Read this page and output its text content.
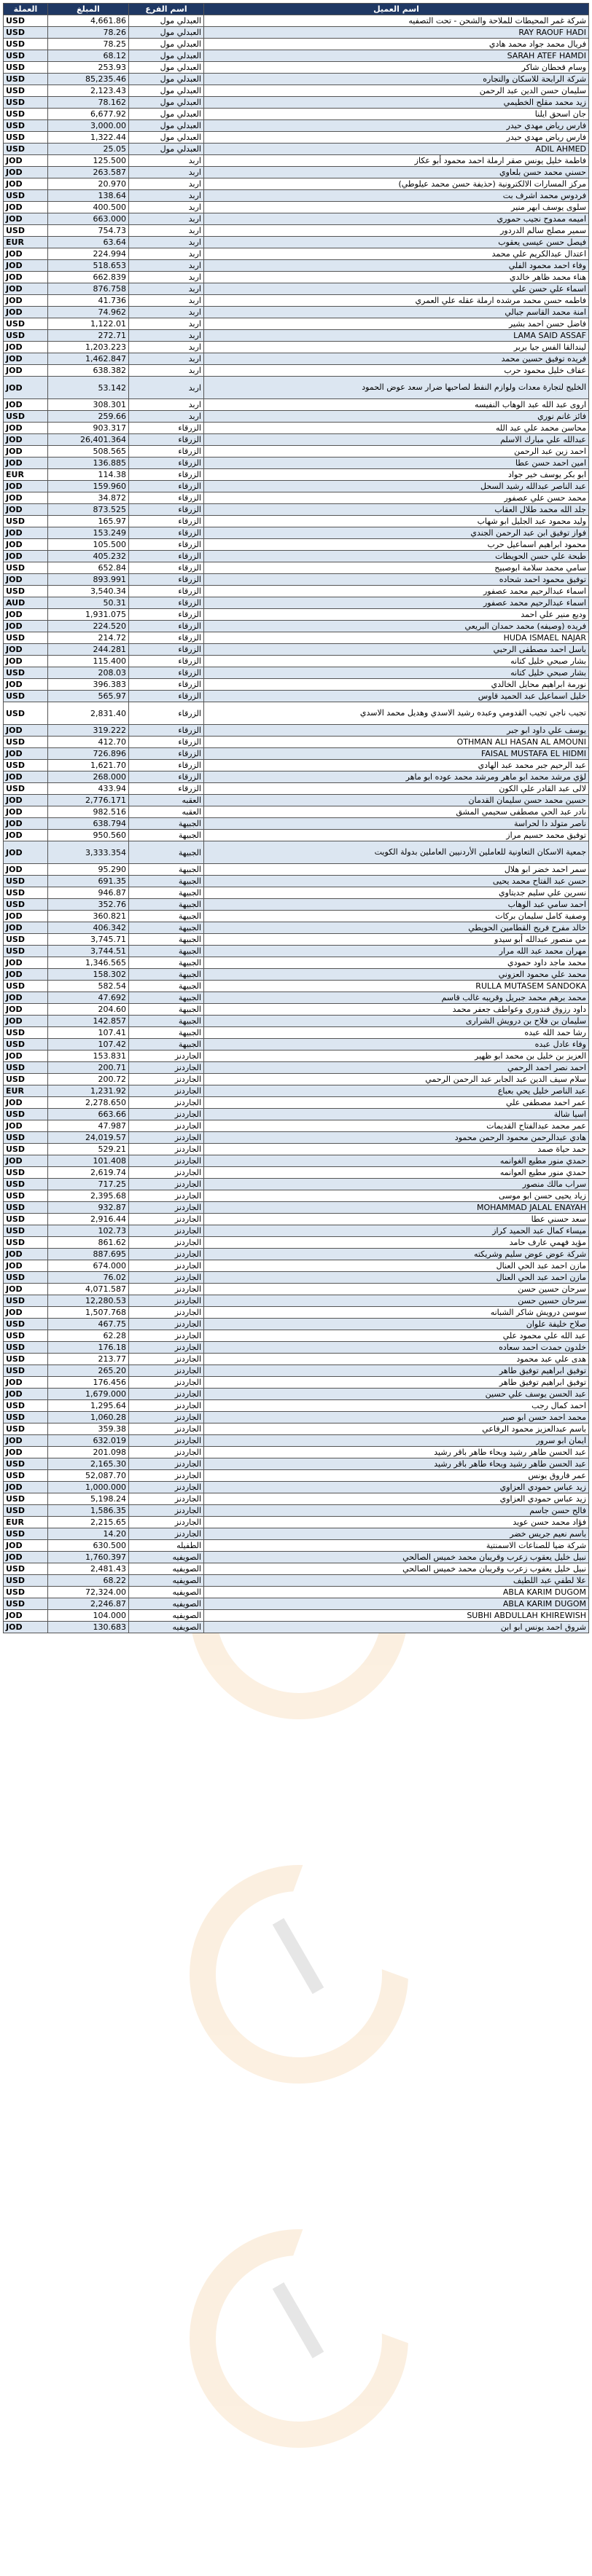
العملة	المبلغ	اسم الفرع	اسم العميل
USD	4,661.86	العبدلي مول	شركة غمر المحيطات للملاحة والشحن - تحت التصفيه
USD	78.26	العبدلي مول	RAY RAOUF HADI
USD	78.25	العبدلي مول	فريال محمد جواد محمد هادي
USD	68.12	العبدلي مول	SARAH ATEF HAMDI
USD	253.93	العبدلي مول	وسام قحطان شاكر
USD	85,235.46	العبدلي مول	شركة الرابحة للاسكان والتجاره
USD	2,123.43	العبدلي مول	سليمان حسن الدين عبد الرحمن
USD	78.162	العبدلي مول	زيد محمد مقلح الخطيمي
USD	6,677.92	العبدلي مول	جان اسحق ايلنا
USD	3,000.00	العبدلي مول	فارس رياض مهدي حيدر
USD	1,322.44	العبدلي مول	فارس رياض مهدي حيدر
USD	25.05	العبدلي مول	ADIL AHMED
JOD	125.500	اربد	فاطمة خليل يونس صقر ارملة احمد محمود أبو عكاز
JOD	263.587	اربد	حسني محمد حسن بلعاوي
JOD	20.970	اربد	مركز المسارات الالكترونية (حذيفة حسن محمد عيلوطي)
USD	138.64	اربد	فردوس محمد اشرف بت
JOD	400.500	اربد	سلوى يوسف ابهر منير
JOD	663.000	اربد	اميمه ممدوح نجيب حموري
USD	754.73	اربد	سمير مصلح سالم الدردور
EUR	63.64	اربد	فيصل حسن عيسى يعقوب
JOD	224.994	اربد	اعتدال عبدالكريم علي محمد
JOD	518.653	اربد	وفاء احمد محمود الفلي
JOD	662.839	اربد	هناء محمد ظاهر خالدي
JOD	876.758	اربد	اسماء علي حسن علي
JOD	41.736	اربد	فاطمه حسن محمد مرشده ارملة عقله علي العمري
JOD	74.962	اربد	امنة محمد القاسم جبالي
USD	1,122.01	اربد	فاضل حسن احمد بشير
USD	272.71	اربد	LAMA SAID ASSAF
JOD	1,203.223	اربد	ليندالقا الفس جيا بربر
JOD	1,462.847	اربد	فريده توفيق حسين محمد
JOD	638.382	اربد	عفاف خليل محمود حرب
JOD	53.142	اربد	الخليج لتجارة معدات ولوازم النفط لصاحبها ضرار سعد عوض الحمود
JOD	308.301	اربد	اروى عبد الله عبد الوهاب النفيسه
USD	259.66	اربد	فائز غانم نوري
JOD	903.317	الزرقاء	محاسن محمد علي عبد الله
JOD	26,401.364	الزرقاء	عبدالله علي مبارك الاسلم
JOD	508.565	الزرقاء	احمد زين عبد الرحمن
JOD	136.885	الزرقاء	امين احمد حسن عطا
EUR	114.38	الزرقاء	ابو بكر يوسف خير جواد
JOD	159.960	الزرقاء	عبد الناصر عبدالله رشيد السحل
JOD	34.872	الزرقاء	محمد حسن علي عصفور
JOD	873.525	الزرقاء	جلد الله محمد طلال العقاب
USD	165.97	الزرقاء	وليد محمود عبد الجليل ابو شهاب
JOD	153.249	الزرقاء	فواز توفيق ابن عبد الرحمن الجندي
JOD	105.500	الزرقاء	محمود ابراهيم اسماعيل حرب
JOD	405.232	الزرقاء	طبحة علي حسن الحويطات
USD	652.84	الزرقاء	سامي محمد سلامة ابوصبيح
JOD	893.991	الزرقاء	توفيق محمود احمد شحاده
USD	3,540.34	الزرقاء	اسماء عبدالرحيم محمد عصفور
AUD	50.31	الزرقاء	اسماء عبدالرحيم محمد عصفور
JOD	1,931.075	الزرقاء	وديع منير علي احمد
JOD	224.520	الزرقاء	فريده (وصيفه) محمد حمدان البريعي
USD	214.72	الزرقاء	HUDA ISMAEL NAJAR
JOD	244.281	الزرقاء	باسل احمد مصطفى الرحبي
JOD	115.400	الزرقاء	بشار صبحي خليل كتانه
USD	208.03	الزرقاء	بشار صبحي خليل كتانه
JOD	396.383	الزرقاء	نورمة ابراهيم محايل الخالدي
USD	565.97	الزرقاء	خليل اسماعيل عبد الحميد قاوس
USD	2,831.40	الزرقاء	تجيب ناجي تجيب القدومي وعبده رشيد الاسدي وهديل محمد الاسدي
JOD	319.222	الزرقاء	يوسف علي داود ابو جبر
USD	412.70	الزرقاء	OTHMAN ALI HASAN AL AMOUNI
JOD	726.896	الزرقاء	FAISAL MUSTAFA EL HIDMI
USD	1,621.70	الزرقاء	عبد الرحيم جبر محمد عبد الهادي
JOD	268.000	الزرقاء	لؤي مرشد محمد ابو ماهر ومرشد محمد عوده ابو ماهر
USD	433.94	الزرقاء	لالى عبد القادر علي الكون
JOD	2,776.171	العقبه	حسين محمد حسن سليمان القدمان
JOD	982.516	العقبه	نادر عبد الحي مصطفى سحيمي المشق
JOD	638.794	الجبيهة	ناصر متولد دا لحراسة
JOD	950.560	الجبيهة	توفيق محمد حسيم مراز
JOD	3,333.354	الجبيهة	جمعية الاسكان التعاونية للعاملين الأردنيين العاملين بدولة الكويت
JOD	95.290	الجبيهة	سمر احمد خضر ابو هلال
USD	691.35	الجبيهة	حسن عبد الفتاح محمد يحيى
USD	946.87	الجبيهة	نسرين علي سليم جديتاوي
USD	352.76	الجبيهة	احمد سامي عبد الوهاب
JOD	360.821	الجبيهة	وصفية كامل سليمان بركات
JOD	406.342	الجبيهة	خالد مفرح فريح القطامين الحويطي
USD	3,745.71	الجبيهة	مي منصور عبدالله أبو سيدو
USD	3,744.51	الجبيهة	مهران محمد عبد الله مرار
JOD	1,346.565	الجبيهة	محمد ماجد داود حمودي
JOD	158.302	الجبيهة	محمد علي محمود العزوني
USD	582.54	الجبيهة	RULLA MUTASEM SANDOKA
JOD	47.692	الجبيهة	محمد برهم محمد جبريل وقريبه غالب قاسم
JOD	204.60	الجبيهة	داود رزوق قندوري وعواطف جعفر محمد
JOD	142.857	الجبيهة	سليمان بن فلاح بن درويش الشرارى
USD	107.41	الجبيهة	رشا حمد الله عبده
USD	107.42	الجبيهة	وفاء عادل عبده
JOD	153.831	الجاردنز	العزيز بن خليل بن محمد ابو ظهير
USD	200.71	الجاردنز	احمد نصر احمد الرحمي
USD	200.72	الجاردنز	سلام سيف الدين عبد الجابر عبد الرحمن الرحمي
EUR	1,231.92	الجاردنز	عبد الناصر خليل يحي بعباع
JOD	2,278.650	الجاردنز	عمر احمد مصطفى علي
USD	663.66	الجاردنز	اسيا شالة
JOD	47.987	الجاردنز	عمر محمد عبدالفتاح القديمات
USD	24,019.57	الجاردنز	هادي عبدالرحمن محمود الرحمن محمود
USD	529.21	الجاردنز	حمد حياة صمد
JOD	101.408	الجاردنز	حمدي منور مطيع الغوانمه
USD	2,619.74	الجاردنز	حمدي منور مطيع العوانمه
USD	717.25	الجاردنز	سراب مالك منصور
USD	2,395.68	الجاردنز	زياد يحيى حسن ابو موسى
USD	932.87	الجاردنز	MOHAMMAD JALAL ENAYAH
USD	2,916.44	الجاردنز	سعد حسني عطا
USD	102.73	الجاردنز	ميساء كمال عبد الحميد كراز
USD	861.62	الجاردنز	مؤيد فهمي عارف حامد
JOD	887.695	الجاردنز	شركة عوض عوض سليم وشريكته
JOD	674.000	الجاردنز	مازن احمد عبد الحي العنال
USD	76.02	الجاردنز	مازن احمد عبد الحي العنال
JOD	4,071.587	الجاردنز	سرحان حسين حسن
USD	12,280.53	الجاردنز	سرحان حسين حسن
JOD	1,507.768	الجاردنز	سوسن درويش شاكر الشبانه
USD	467.75	الجاردنز	صلاح خليفة علوان
USD	62.28	الجاردنز	عبد الله علي محمود علي
USD	176.18	الجاردنز	خلدون حمدت احمد سعاده
USD	213.77	الجاردنز	هدى علي عبد محمود
USD	265.20	الجاردنز	توفيق ابراهيم توفيق طاهر
JOD	176.456	الجاردنز	توفيق ابراهيم توفيق طاهر
JOD	1,679.000	الجاردنز	عبد الحسن يوسف علي حسين
USD	1,295.64	الجاردنز	احمد كمال رجب
USD	1,060.28	الجاردنز	محمد احمد حسن ابو صبر
USD	359.38	الجاردنز	باسم عبدالعزيز محمود الرفاعي
JOD	632.019	الجاردنز	ايمان ابو سرور
JOD	201.098	الجاردنز	عبد الحسن طاهر رشيد وبحاء طاهر باقر رشيد
USD	2,165.30	الجاردنز	عبد الحسن طاهر رشيد وبحاء طاهر باقر رشيد
USD	52,087.70	الجاردنز	عمر فاروق يونس
JOD	1,000.000	الجاردنز	زيد عباس حمودي العزاوي
USD	5,198.24	الجاردنز	زيد عباس حمودي العزاوي
USD	1,586.35	الجاردنز	فالح حسن جاسم
EUR	2,215.65	الجاردنز	فؤاد محمد حسن عويد
USD	14.20	الجاردنز	باسم نعيم جريس خضر
JOD	630.500	الطفيله	شركة ضيا للصناعات الاسمنتية
JOD	1,760.397	الصويفيه	نبيل خليل يعقوب زعرب وقريبان محمد خميس الصالحي
USD	2,481.43	الصويفيه	نبيل خليل يعقوب زعرب وقريبان محمد خميس الصالحي
USD	68.22	الصويفيه	علا لطفي عبد اللطيف
USD	72,324.00	الصويفيه	ABLA KARIM DUGOM
USD	2,246.87	الصويفيه	ABLA KARIM DUGOM
JOD	104.000	الصويفيه	SUBHI ABDULLAH KHIREWISH
JOD	130.683	الصويفيه	شروق احمد يونس ابو ابن
